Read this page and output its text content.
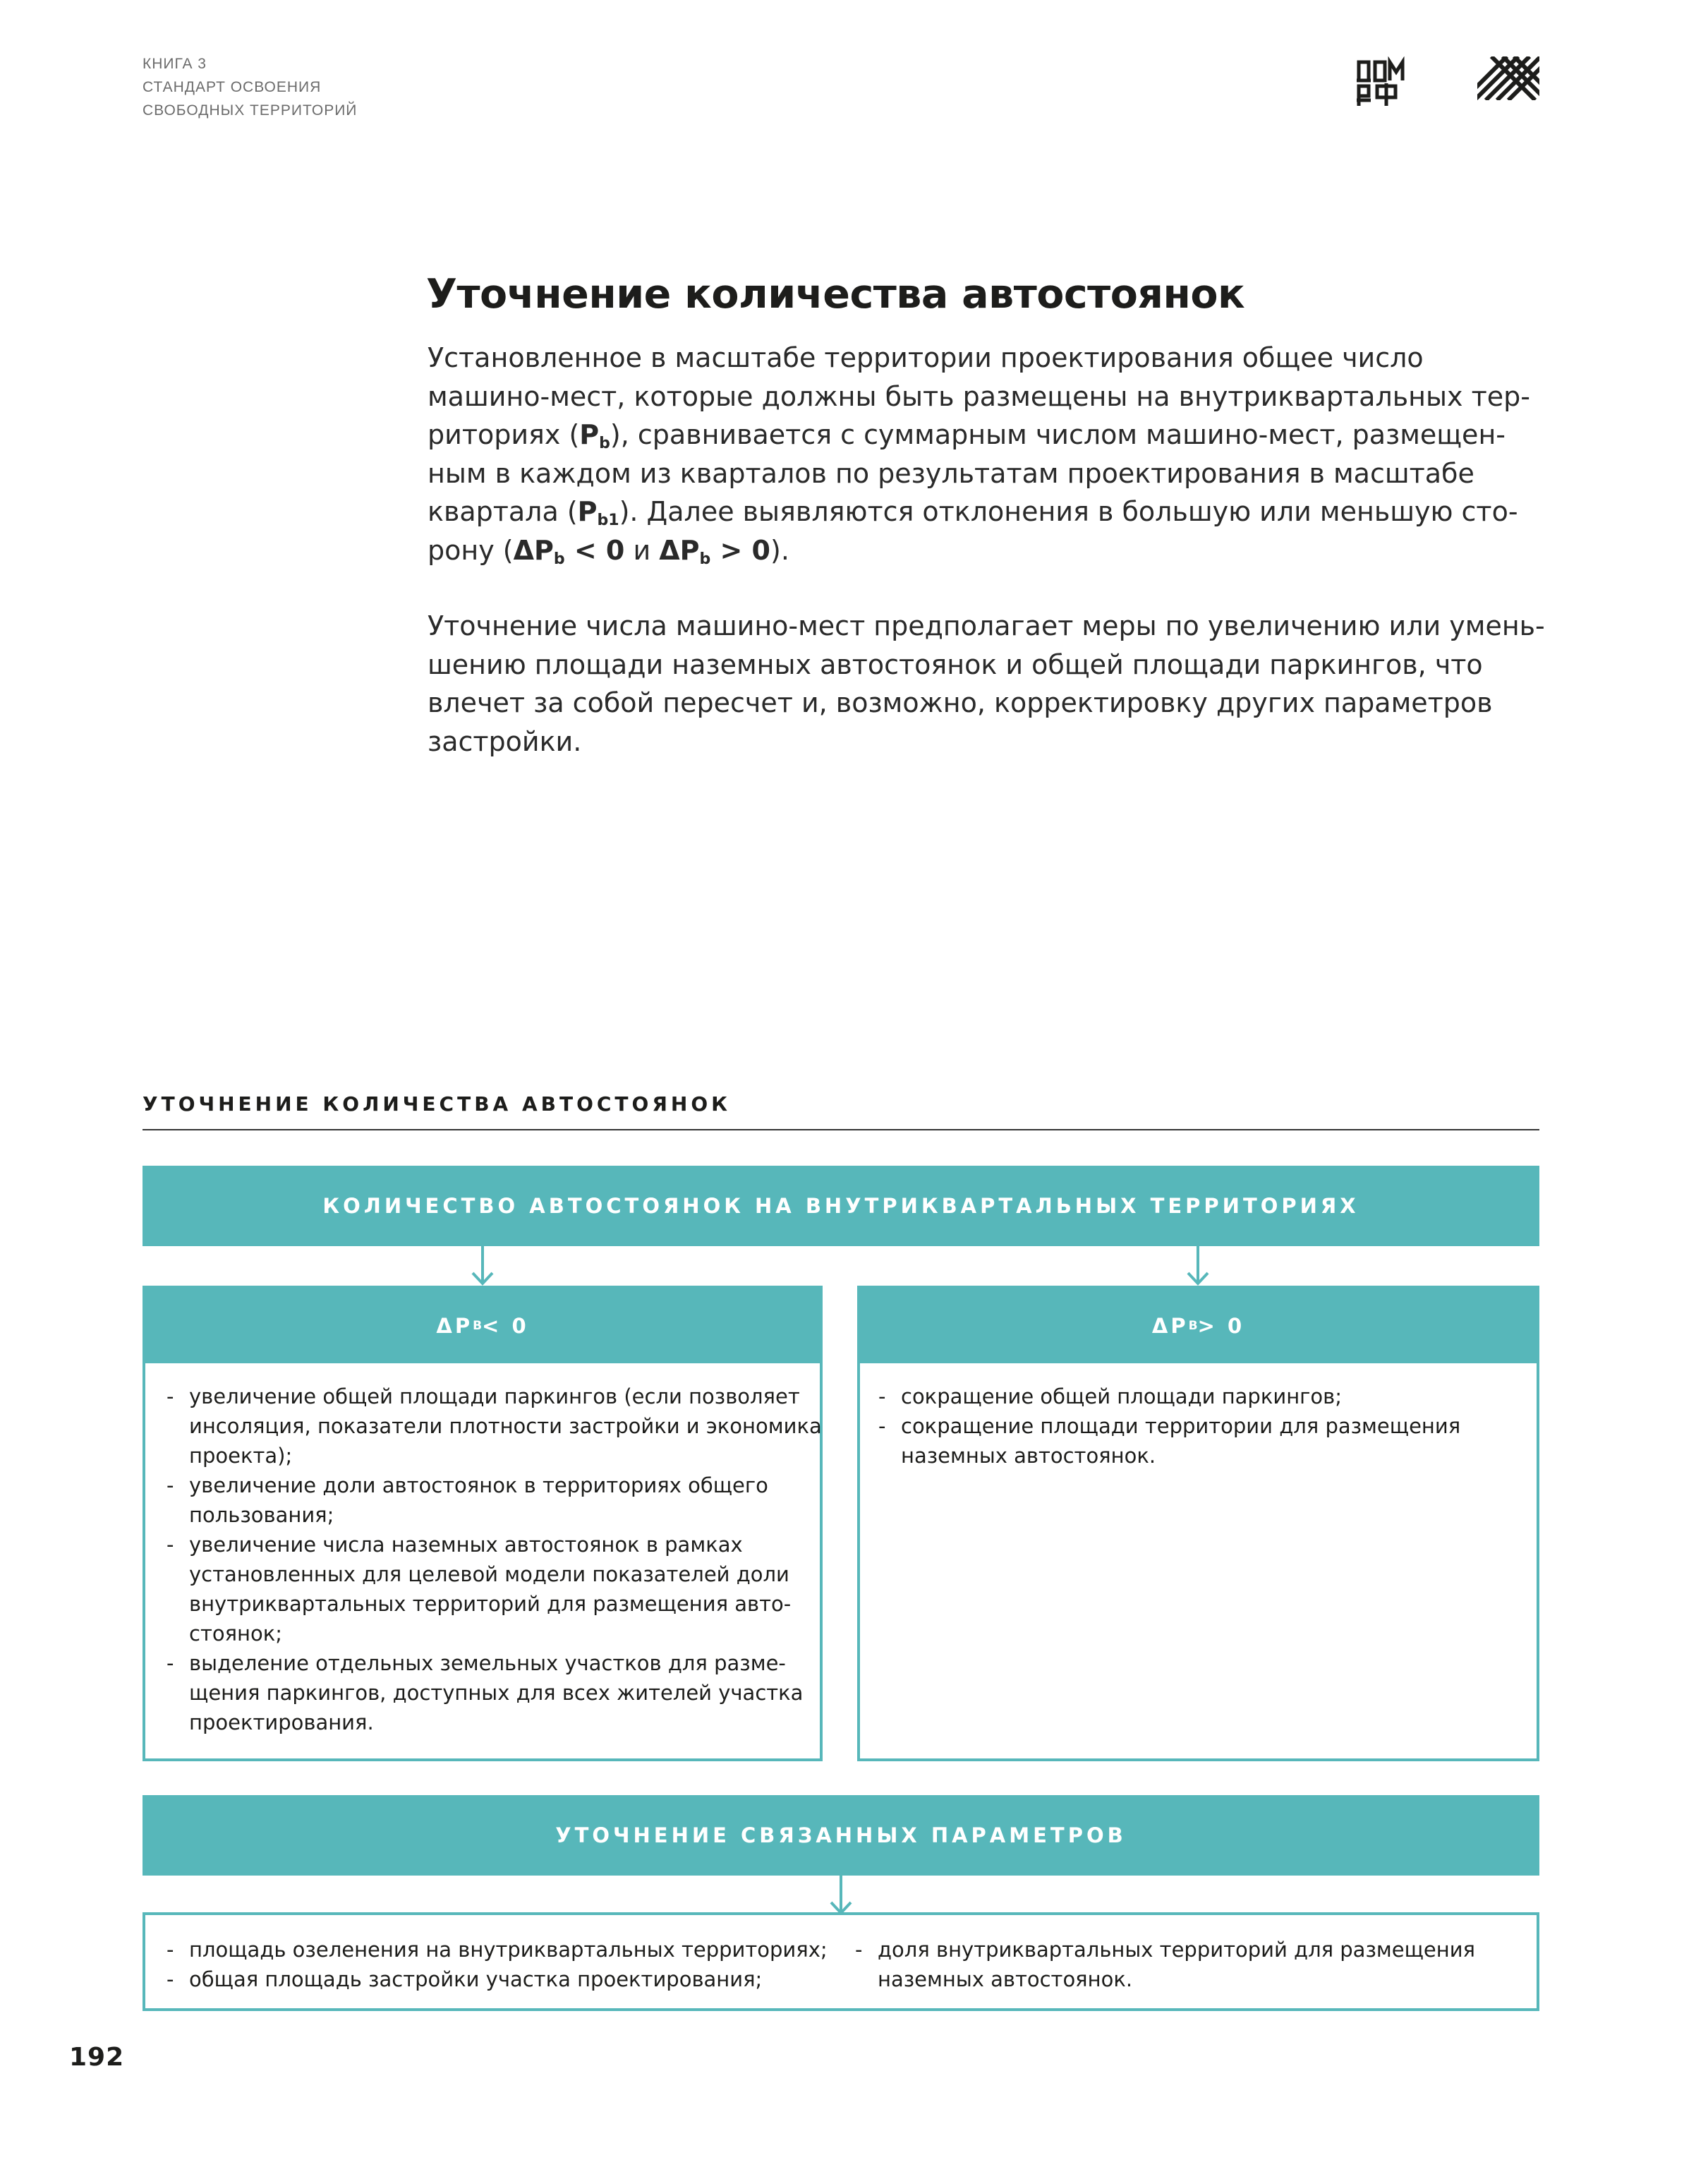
КНИГА 3
СТАНДАРТ ОСВОЕНИЯ
СВОБОДНЫХ ТЕРРИТОРИЙ
Уточнение количества автостоянок
Установленное в масштабе территории проектирования общее число
машино-мест, которые должны быть размещены на внутриквартальных тер-
риториях $(P_b)$, сравнивается с суммарным числом машино-мест, размещен-
ным в каждом из кварталов по результатам проектирования в масштабе
квартала $(P_{b1})$. Далее выявляются отклонения в большую или меньшую сто-
рону ($\Delta P_b < 0$ и $\Delta P_b > 0$).
Уточнение числа машино-мест предполагает меры по увеличению или умень-
шению площади наземных автостоянок и общей площади паркингов, что
влечет за собой пересчет и, возможно, корректировку других параметров
застройки.
УТОЧНЕНИЕ КОЛИЧЕСТВА АВТОСТОЯНОК
КОЛИЧЕСТВО АВТОСТОЯНОК НА ВНУТРИКВАРТАЛЬНЫХ ТЕРРИТОРИЯХ
ΔP B < 0
- увеличение общей площади паркингов (если позволяет
инсоляция, показатели плотности застройки и экономика
проекта);
- увеличение доли автостоянок в территориях общего
пользования;
- увеличение числа наземных автостоянок в рамках
установленных для целевой модели показателей доли
внутриквартальных территорий для размещения авто-
стоянок;
- выделение отдельных земельных участков для разме-
щения паркингов, доступных для всех жителей участка
проектирования.
ΔP B > 0
- сокращение общей площади паркингов;
- сокращение площади территории для размещения
наземных автостоянок.
УТОЧНЕНИЕ СВЯЗАННЫХ ПАРАМЕТРОВ
- площадь озеленения на внутриквартальных территориях;
- общая площадь застройки участка проектирования;
- доля внутриквартальных территорий для размещения
наземных автостоянок.
192
